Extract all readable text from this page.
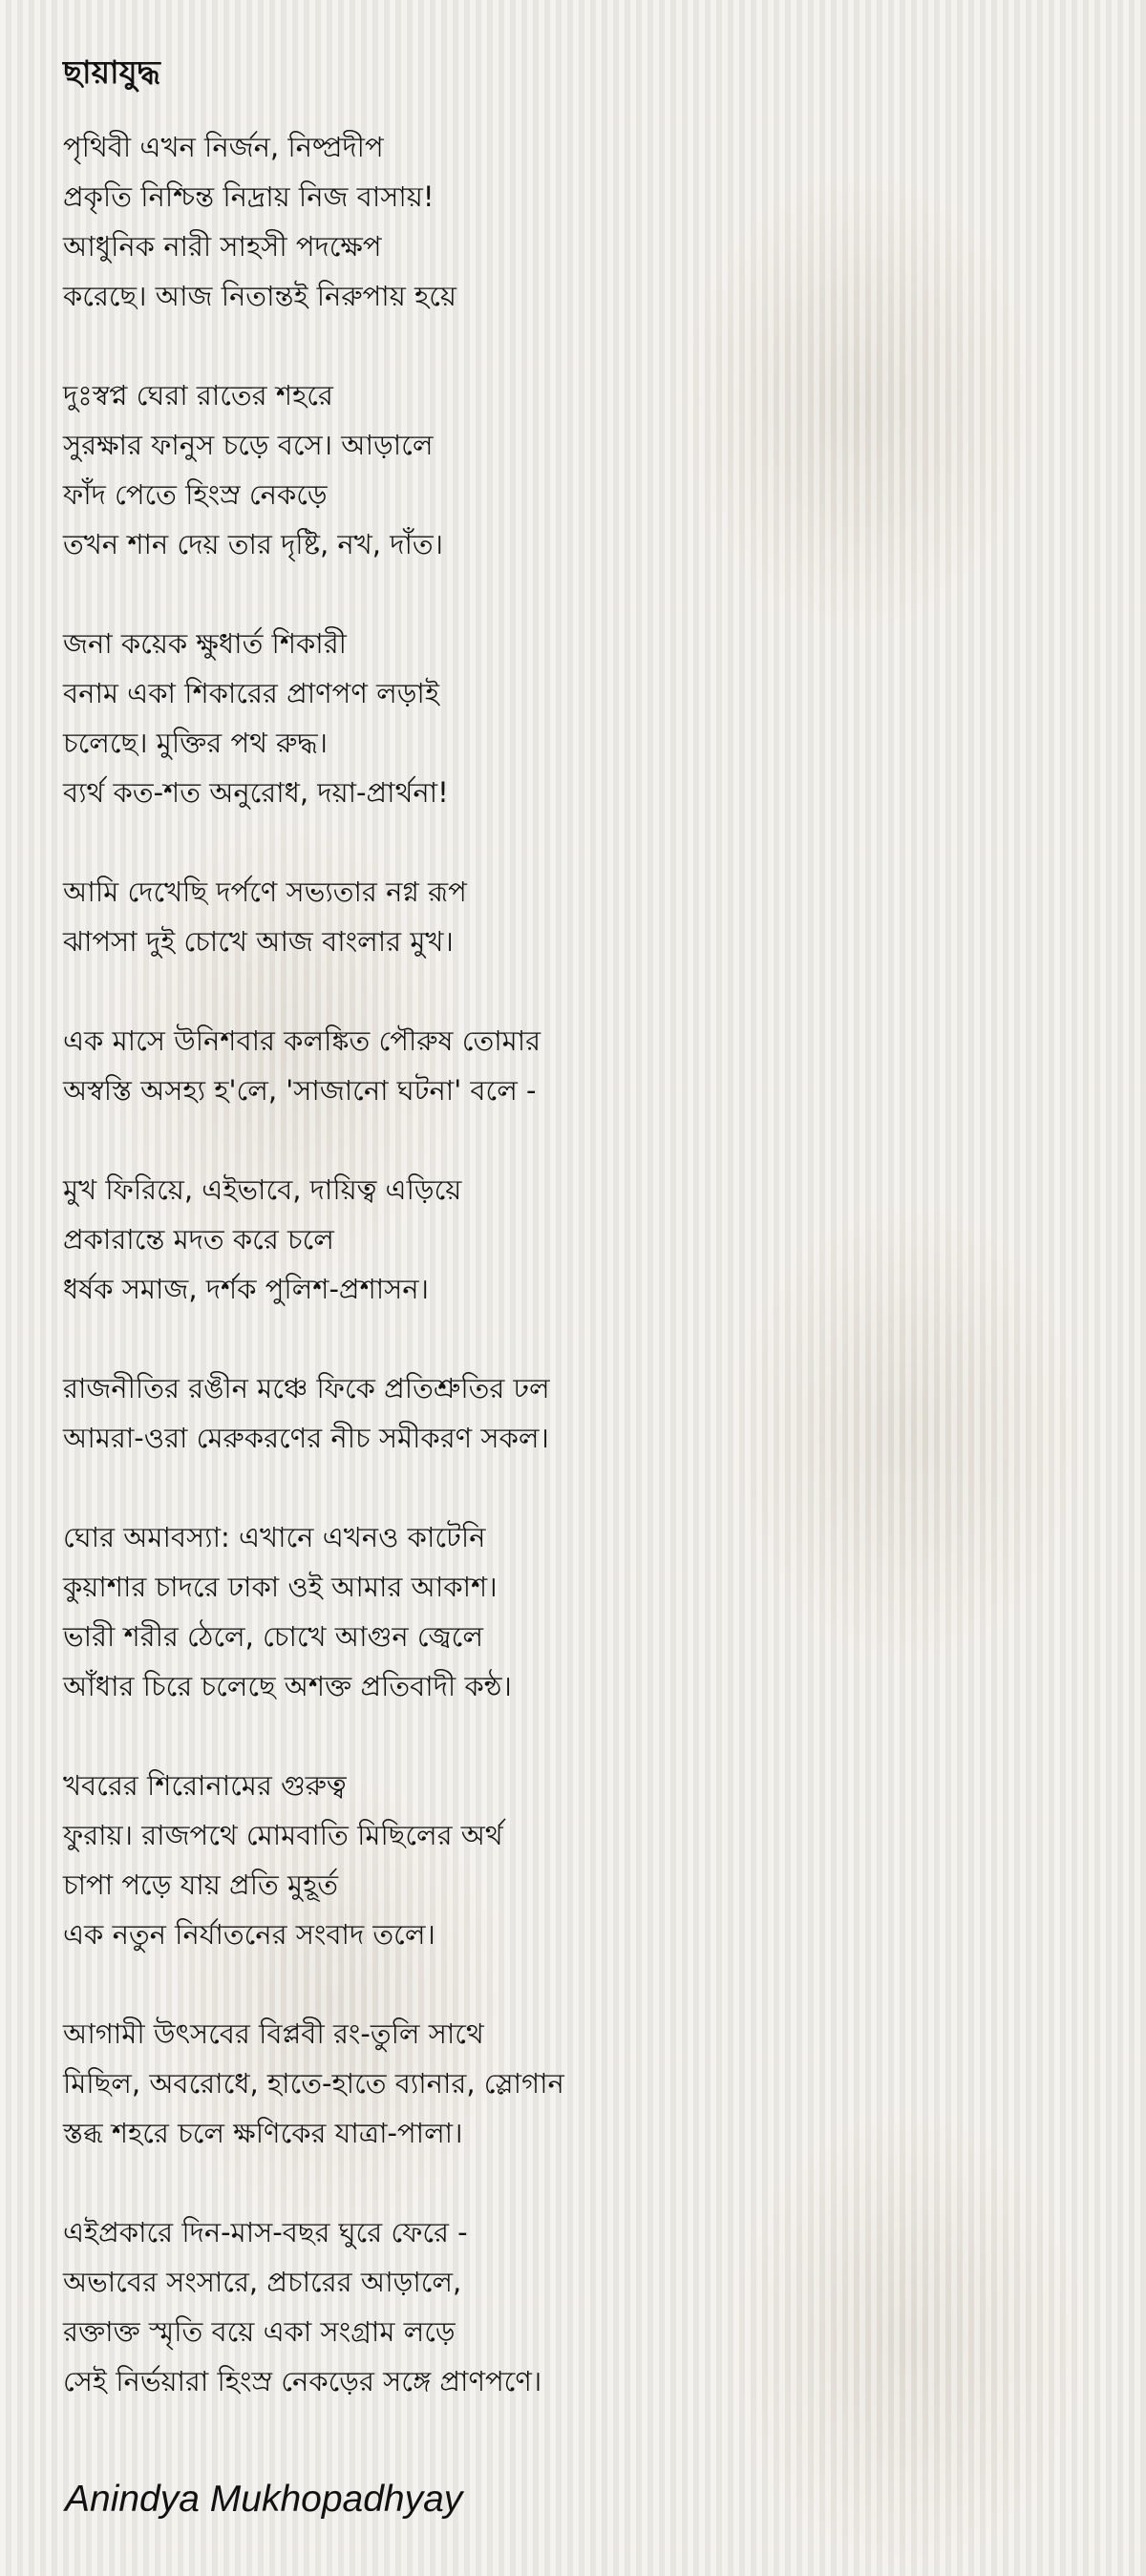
ছায়াযুদ্ধ
পৃথিবী এখন নির্জন, নিষ্প্রদীপ
প্রকৃতি নিশ্চিন্ত নিদ্রায় নিজ বাসায়!
আধুনিক নারী সাহসী পদক্ষেপ
করেছে। আজ নিতান্তই নিরুপায় হয়ে
দুঃস্বপ্ন ঘেরা রাতের শহরে
সুরক্ষার ফানুস চড়ে বসে। আড়ালে
ফাঁদ পেতে হিংস্র নেকড়ে
তখন শান দেয় তার দৃষ্টি, নখ, দাঁত।
জনা কয়েক ক্ষুধার্ত শিকারী
বনাম একা শিকারের প্রাণপণ লড়াই
চলেছে। মুক্তির পথ রুদ্ধ।
ব্যর্থ কত-শত অনুরোধ, দয়া-প্রার্থনা!
আমি দেখেছি দর্পণে সভ্যতার নগ্ন রূপ
ঝাপসা দুই চোখে আজ বাংলার মুখ।
এক মাসে উনিশবার কলঙ্কিত পৌরুষ তোমার
অস্বস্তি অসহ্য হ'লে, 'সাজানো ঘটনা' বলে -
মুখ ফিরিয়ে, এইভাবে, দায়িত্ব এড়িয়ে
প্রকারান্তে মদত করে চলে
ধর্ষক সমাজ, দর্শক পুলিশ-প্রশাসন।
রাজনীতির রঙীন মঞ্চে ফিকে প্রতিশ্রুতির ঢল
আমরা-ওরা মেরুকরণের নীচ সমীকরণ সকল।
ঘোর অমাবস্যা: এখানে এখনও কাটেনি
কুয়াশার চাদরে ঢাকা ওই আমার আকাশ।
ভারী শরীর ঠেলে, চোখে আগুন জ্বেলে
আঁধার চিরে চলেছে অশক্ত প্রতিবাদী কন্ঠ।
খবরের শিরোনামের গুরুত্ব
ফুরায়। রাজপথে মোমবাতি মিছিলের অর্থ
চাপা পড়ে যায় প্রতি মুহূর্ত
এক নতুন নির্যাতনের সংবাদ তলে।
আগামী উৎসবের বিপ্লবী রং-তুলি সাথে
মিছিল, অবরোধে, হাতে-হাতে ব্যানার, স্লোগান
স্তব্ধ শহরে চলে ক্ষণিকের যাত্রা-পালা।
এইপ্রকারে দিন-মাস-বছর ঘুরে ফেরে -
অভাবের সংসারে, প্রচারের আড়ালে,
রক্তাক্ত স্মৃতি বয়ে একা সংগ্রাম লড়ে
সেই নির্ভয়ারা হিংস্র নেকড়ের সঙ্গে প্রাণপণে।
Anindya Mukhopadhyay
